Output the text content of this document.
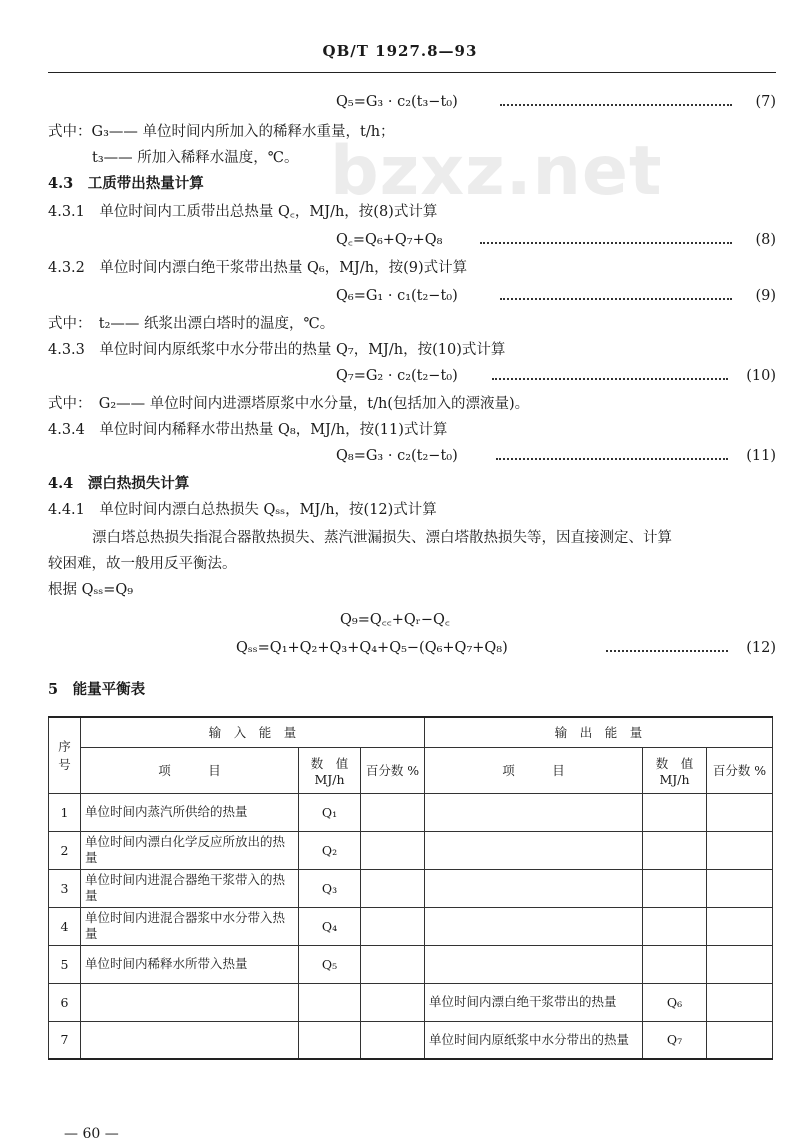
QB/T 1927.8—93
bzxz.net
Q₅=G₃ · c₂(t₃−t₀)	(7)
式中：G₃—— 单位时间内所加入的稀释水重量，t/h；
t₃—— 所加入稀释水温度，℃。
4.3　工质带出热量计算
4.3.1　单位时间内工质带出总热量 Q꜀，MJ/h，按(8)式计算
Q꜀=Q₆+Q₇+Q₈	(8)
4.3.2　单位时间内漂白绝干浆带出热量 Q₆，MJ/h，按(9)式计算
Q₆=G₁ · c₁(t₂−t₀)	(9)
式中：　t₂—— 纸浆出漂白塔时的温度，℃。
4.3.3　单位时间内原纸浆中水分带出的热量 Q₇，MJ/h，按(10)式计算
Q₇=G₂ · c₂(t₂−t₀)	(10)
式中：　G₂—— 单位时间内进漂塔原浆中水分量，t/h(包括加入的漂液量)。
4.3.4　单位时间内稀释水带出热量 Q₈，MJ/h，按(11)式计算
Q₈=G₃ · c₂(t₂−t₀)	(11)
4.4　漂白热损失计算
4.4.1　单位时间内漂白总热损失 Qₛₛ，MJ/h，按(12)式计算
漂白塔总热损失指混合器散热损失、蒸汽泄漏损失、漂白塔散热损失等，因直接测定、计算
较困难，故一般用反平衡法。
根据 Qₛₛ=Q₉
Q₉=Q꜀꜀+Qᵣ−Q꜀
Qₛₛ=Q₁+Q₂+Q₃+Q₄+Q₅−(Q₆+Q₇+Q₈)	(12)
5　能量平衡表
序号	输　入　能　量			输　出　能　量		
	项　　　目	数　值 MJ/h	百分数 %	项　　　目	数　值 MJ/h	百分数 %
1	单位时间内蒸汽所供给的热量	Q₁				
2	单位时间内漂白化学反应所放出的热量	Q₂				
3	单位时间内进混合器绝干浆带入的热量	Q₃				
4	单位时间内进混合器浆中水分带入热量	Q₄				
5	单位时间内稀释水所带入热量	Q₅				
6				单位时间内漂白绝干浆带出的热量	Q₆	
7				单位时间内原纸浆中水分带出的热量	Q₇	
— 60 —
